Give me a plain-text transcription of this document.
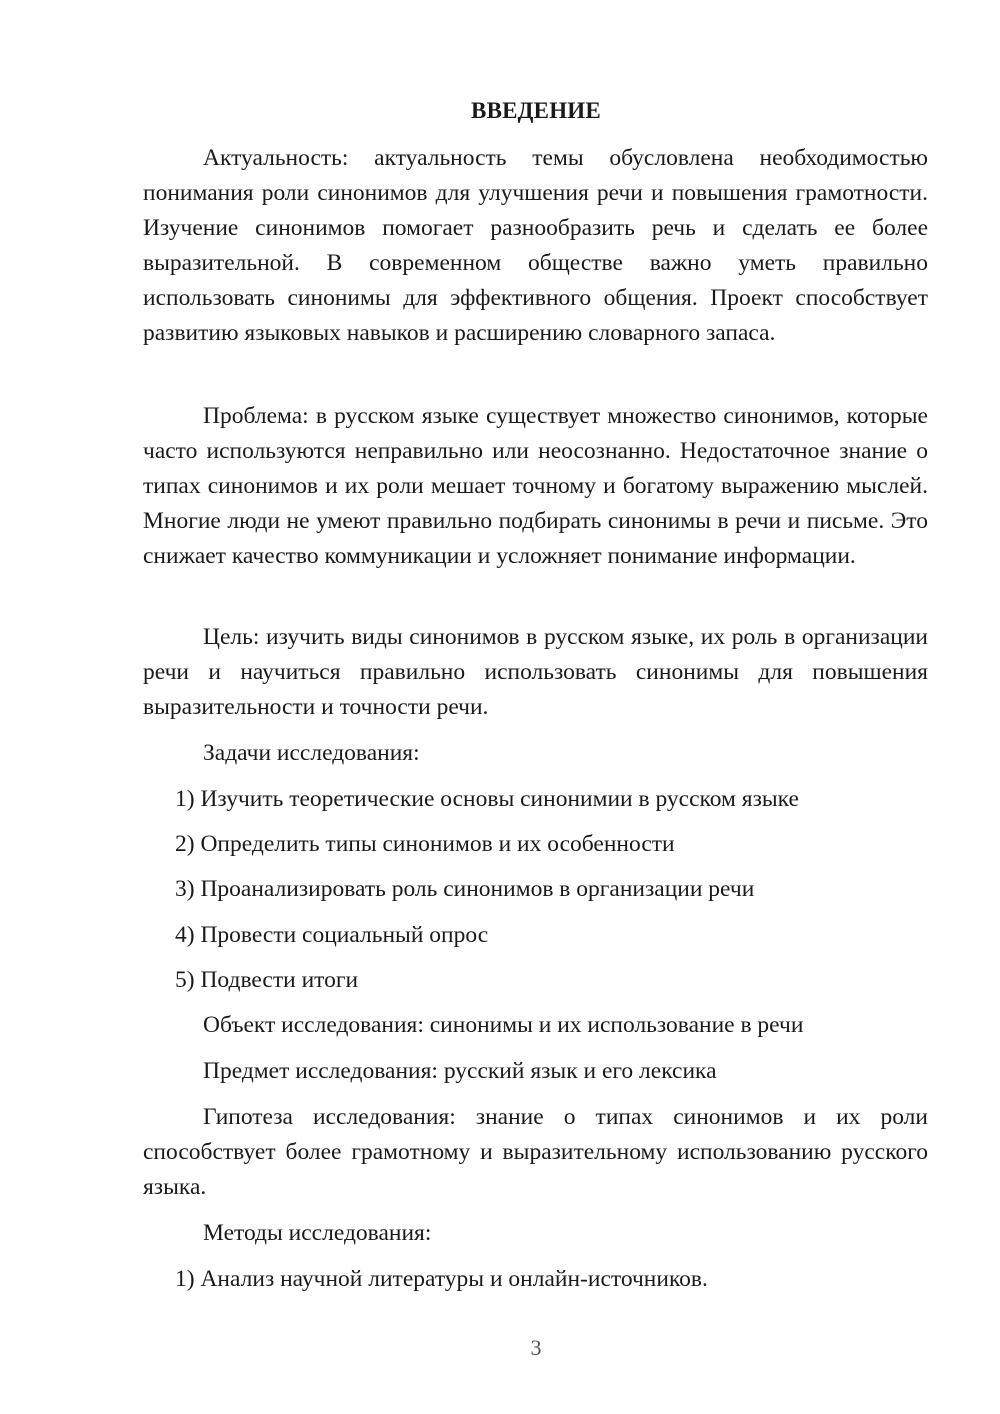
ВВЕДЕНИЕ
Актуальность: актуальность темы обусловлена необходимостью понимания роли синонимов для улучшения речи и повышения грамотности. Изучение синонимов помогает разнообразить речь и сделать ее более выразительной. В современном обществе важно уметь правильно использовать синонимы для эффективного общения. Проект способствует развитию языковых навыков и расширению словарного запаса.
Проблема: в русском языке существует множество синонимов, которые часто используются неправильно или неосознанно. Недостаточное знание о типах синонимов и их роли мешает точному и богатому выражению мыслей. Многие люди не умеют правильно подбирать синонимы в речи и письме. Это снижает качество коммуникации и усложняет понимание информации.
Цель: изучить виды синонимов в русском языке, их роль в организации речи и научиться правильно использовать синонимы для повышения выразительности и точности речи.
Задачи исследования:
1) Изучить теоретические основы синонимии в русском языке
2) Определить типы синонимов и их особенности
3) Проанализировать роль синонимов в организации речи
4) Провести социальный опрос
5) Подвести итоги
Объект исследования: синонимы и их использование в речи
Предмет исследования: русский язык и его лексика
Гипотеза исследования: знание о типах синонимов и их роли способствует более грамотному и выразительному использованию русского языка.
Методы исследования:
1) Анализ научной литературы и онлайн-источников.
3
